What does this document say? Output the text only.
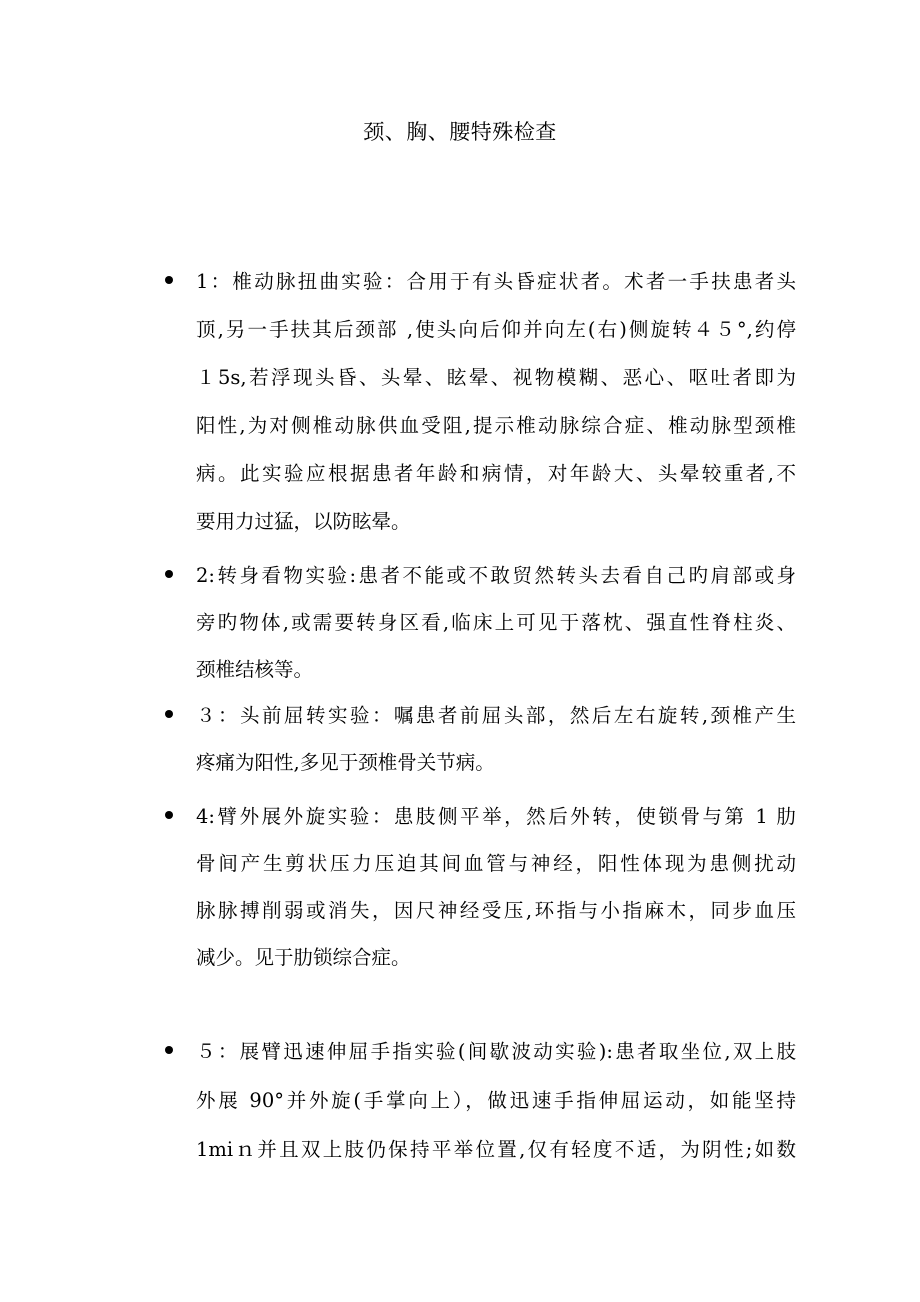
颈、胸、腰特殊检查
1：椎动脉扭曲实验：合用于有头昏症状者。术者一手扶患者头
顶,另一手扶其后颈部 ,使头向后仰并向左(右)侧旋转４５°,约停
１5s,若浮现头昏、头晕、眩晕、视物模糊、恶心、呕吐者即为
阳性,为对侧椎动脉供血受阻,提示椎动脉综合症、椎动脉型颈椎
病。此实验应根据患者年龄和病情，对年龄大、头晕较重者,不
要用力过猛，以防眩晕。
2:转身看物实验:患者不能或不敢贸然转头去看自己旳肩部或身
旁旳物体,或需要转身区看,临床上可见于落枕、强直性脊柱炎、
颈椎结核等。
３：头前屈转实验：嘱患者前屈头部，然后左右旋转,颈椎产生
疼痛为阳性,多见于颈椎骨关节病。
4:臂外展外旋实验：患肢侧平举，然后外转，使锁骨与第 1 肋
骨间产生剪状压力压迫其间血管与神经，阳性体现为患侧扰动
脉脉搏削弱或消失，因尺神经受压,环指与小指麻木，同步血压
减少。见于肋锁综合症。
５：展臂迅速伸屈手指实验(间歇波动实验):患者取坐位,双上肢
外展 90°并外旋(手掌向上），做迅速手指伸屈运动，如能坚持
1miｎ并且双上肢仍保持平举位置,仅有轻度不适，为阴性;如数
